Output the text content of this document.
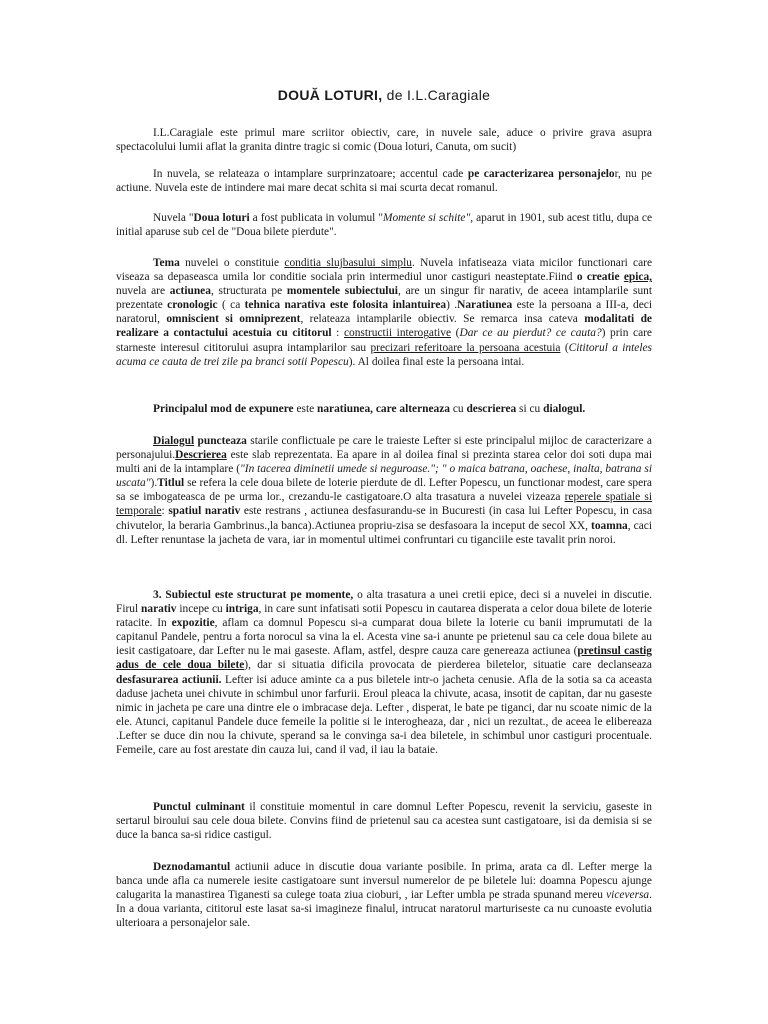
DOUĂ LOTURI, de I.L.Caragiale

I.L.Caragiale este primul mare scriitor obiectiv, care, in nuvele sale, aduce o privire grava asupra spectacolului lumii aflat la granita dintre tragic si comic (Doua loturi, Canuta, om sucit)

In nuvela, se relateaza o intamplare surprinzatoare; accentul cade pe caracterizarea personajelor, nu pe actiune. Nuvela este de intindere mai mare decat schita si mai scurta decat romanul.

Nuvela "Doua loturi a fost publicata in volumul "Momente si schite", aparut in 1901, sub acest titlu, dupa ce initial aparuse sub cel de "Doua bilete pierdute".

Tema nuvelei o constituie conditia slujbasului simplu. Nuvela infatiseaza viata micilor functionari care viseaza sa depaseasca umila lor conditie sociala prin intermediul unor castiguri neasteptate.Fiind o creatie epica, nuvela are actiunea, structurata pe momentele subiectului, are un singur fir narativ, de aceea intamplarile sunt prezentate cronologic ( ca tehnica narativa este folosita inlantuirea) .Naratiunea este la persoana a III-a, deci naratorul, omniscient si omniprezent, relateaza intamplarile obiectiv. Se remarca insa cateva modalitati de realizare a contactului acestuia cu cititorul : constructii interogative (Dar ce au pierdut? ce cauta?) prin care starneste interesul cititorului asupra intamplarilor sau precizari referitoare la persoana acestuia (Cititorul a inteles acuma ce cauta de trei zile pa branci sotii Popescu). Al doilea final este la persoana intai.

Principalul mod de expunere este naratiunea, care alterneaza cu descrierea si cu dialogul.

Dialogul puncteaza starile conflictuale pe care le traieste Lefter si este principalul mijloc de caracterizare a personajului.Descrierea este slab reprezentata. Ea apare in al doilea final si prezinta starea celor doi soti dupa mai multi ani de la intamplare ("In tacerea diminetii umede si neguroase."; " o maica batrana, oachese, inalta, batrana si uscata").Titlul se refera la cele doua bilete de loterie pierdute de dl. Lefter Popescu, un functionar modest, care spera sa se imbogateasca de pe urma lor., crezandu-le castigatoare.O alta trasatura a nuvelei vizeaza reperele spatiale si temporale: spatiul narativ este restrans , actiunea desfasurandu-se in Bucuresti (in casa lui Lefter Popescu, in casa chivutelor, la beraria Gambrinus.,la banca).Actiunea propriu-zisa se desfasoara la inceput de secol XX, toamna, caci dl. Lefter renuntase la jacheta de vara, iar in momentul ultimei confruntari cu tiganciile este tavalit prin noroi.

3. Subiectul este structurat pe momente, o alta trasatura a unei cretii epice, deci si a nuvelei in discutie. Firul narativ incepe cu intriga, in care sunt infatisati sotii Popescu in cautarea disperata a celor doua bilete de loterie ratacite. In expozitie, aflam ca domnul Popescu si-a cumparat doua bilete la loterie cu banii imprumutati de la capitanul Pandele, pentru a forta norocul sa vina la el. Acesta vine sa-i anunte pe prietenul sau ca cele doua bilete au iesit castigatoare, dar Lefter nu le mai gaseste. Aflam, astfel, despre cauza care genereaza actiunea (pretinsul castig adus de cele doua bilete), dar si situatia dificila provocata de pierderea biletelor, situatie care declanseaza desfasurarea actiunii. Lefter isi aduce aminte ca a pus biletele intr-o jacheta cenusie. Afla de la sotia sa ca aceasta daduse jacheta unei chivute in schimbul unor farfurii. Eroul pleaca la chivute, acasa, insotit de capitan, dar nu gaseste nimic in jacheta pe care una dintre ele o imbracase deja. Lefter , disperat, le bate pe tiganci, dar nu scoate nimic de la ele. Atunci, capitanul Pandele duce femeile la politie si le interogheaza, dar , nici un rezultat., de aceea le elibereaza .Lefter se duce din nou la chivute, sperand sa le convinga sa-i dea biletele, in schimbul unor castiguri procentuale. Femeile, care au fost arestate din cauza lui, cand il vad, il iau la bataie.

Punctul culminant il constituie momentul in care domnul Lefter Popescu, revenit la serviciu, gaseste in sertarul biroului sau cele doua bilete. Convins fiind de prietenul sau ca acestea sunt castigatoare, isi da demisia si se duce la banca sa-si ridice castigul.

Deznodamantul actiunii aduce in discutie doua variante posibile. In prima, arata ca dl. Lefter merge la banca unde afla ca numerele iesite castigatoare sunt inversul numerelor de pe biletele lui: doamna Popescu ajunge calugarita la manastirea Tiganesti sa culege toata ziua cioburi, , iar Lefter umbla pe strada spunand mereu viceversa. In a doua varianta, cititorul este lasat sa-si imagineze finalul, intrucat naratorul marturiseste ca nu cunoaste evolutia ulterioara a personajelor sale.
